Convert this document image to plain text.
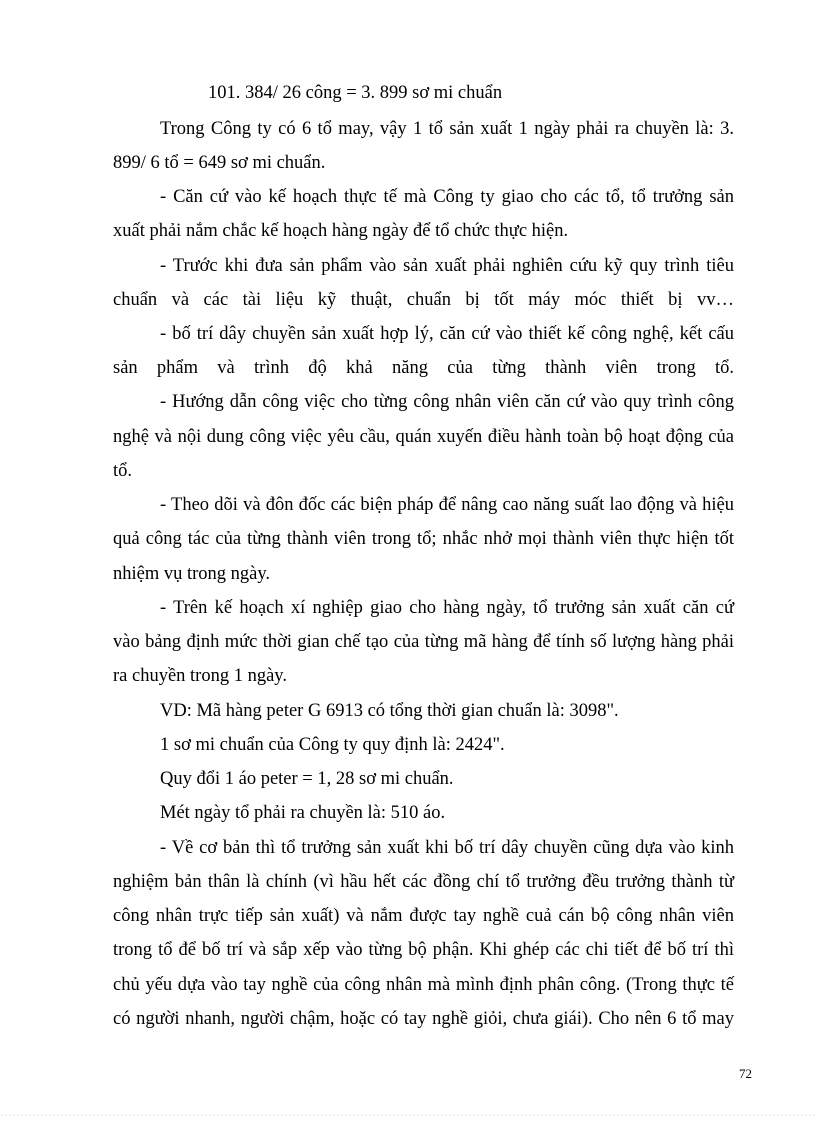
101. 384/ 26 công = 3. 899 sơ mi chuẩn
Trong Công ty có 6 tổ may, vậy 1 tổ sản xuất 1 ngày phải ra chuyền là: 3.
899/ 6 tổ = 649 sơ mi chuẩn.
- Căn cứ vào kế hoạch thực tế mà Công ty giao cho các tổ, tổ trưởng sản
xuất phải nắm chắc kế hoạch hàng ngày để tổ chức thực hiện.
- Trước khi đưa sản phẩm vào sản xuất phải nghiên cứu kỹ quy trình tiêu
chuẩn và các tài liệu kỹ thuật, chuẩn bị tốt máy móc thiết bị vv…
- bố trí dây chuyền sản xuất hợp lý, căn cứ vào thiết kế công nghệ, kết cấu
sản phẩm và trình độ khả năng của từng thành viên trong tổ.
- Hướng dẫn công việc cho từng công nhân viên căn cứ vào quy trình công
nghệ và nội dung công việc yêu cầu, quán xuyến điều hành toàn bộ hoạt động của
tổ.
- Theo dõi và đôn đốc các biện pháp để nâng cao năng suất lao động và hiệu
quả công tác của từng thành viên trong tổ; nhắc nhở mọi thành viên thực hiện tốt
nhiệm vụ trong ngày.
- Trên kế hoạch xí nghiệp giao cho hàng ngày, tổ trưởng sản xuất căn cứ
vào bảng định mức thời gian chế tạo của từng mã hàng để tính số lượng hàng phải
ra chuyền trong 1 ngày.
VD: Mã hàng peter G 6913 có tổng thời gian chuẩn là: 3098".
1 sơ mi chuẩn của Công ty quy định là: 2424".
Quy đổi 1 áo peter = 1, 28 sơ mi chuẩn.
Mét ngày tổ phải ra chuyền là: 510 áo.
- Về cơ bản thì tổ trưởng sản xuất khi bố trí dây chuyền cũng dựa vào kinh
nghiệm bản thân là chính (vì hầu hết các đồng chí tổ trưởng đều trưởng thành từ
công nhân trực tiếp sản xuất) và nắm được tay nghề cuả cán bộ công nhân viên
trong tổ để bố trí và sắp xếp vào từng bộ phận. Khi ghép các chi tiết để bố trí thì
chủ yếu dựa vào tay nghề của công nhân mà mình định phân công. (Trong thực tế
có người nhanh, người chậm, hoặc có tay nghề giỏi, chưa giái). Cho nên 6 tổ may
72
